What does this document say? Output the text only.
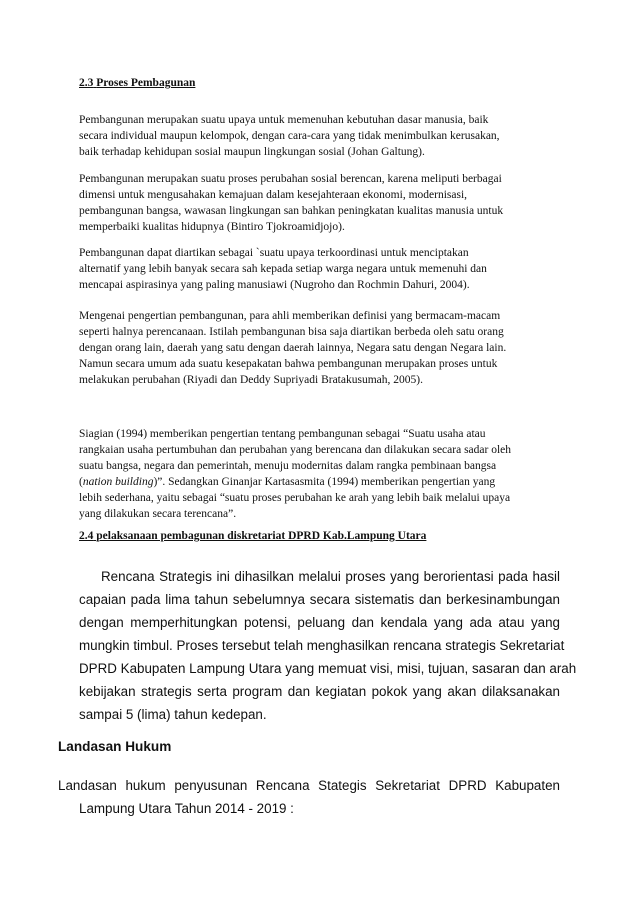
2.3 Proses Pembagunan
Pembangunan merupakan suatu upaya untuk memenuhan kebutuhan dasar manusia, baik
secara individual maupun kelompok, dengan cara-cara yang tidak menimbulkan kerusakan,
baik terhadap kehidupan sosial maupun lingkungan sosial (Johan Galtung).
Pembangunan merupakan suatu proses perubahan sosial berencan, karena meliputi berbagai
dimensi untuk mengusahakan kemajuan dalam kesejahteraan ekonomi, modernisasi,
pembangunan bangsa, wawasan lingkungan san bahkan peningkatan kualitas manusia untuk
memperbaiki kualitas hidupnya (Bintiro Tjokroamidjojo).
Pembangunan dapat diartikan sebagai `suatu upaya terkoordinasi untuk menciptakan
alternatif yang lebih banyak secara sah kepada setiap warga negara untuk memenuhi dan
mencapai aspirasinya yang paling manusiawi (Nugroho dan Rochmin Dahuri, 2004).
Mengenai pengertian pembangunan, para ahli memberikan definisi yang bermacam-macam
seperti halnya perencanaan. Istilah pembangunan bisa saja diartikan berbeda oleh satu orang
dengan orang lain, daerah yang satu dengan daerah lainnya, Negara satu dengan Negara lain.
Namun secara umum ada suatu kesepakatan bahwa pembangunan merupakan proses untuk
melakukan perubahan (Riyadi dan Deddy Supriyadi Bratakusumah, 2005).
Siagian (1994) memberikan pengertian tentang pembangunan sebagai “Suatu usaha atau
rangkaian usaha pertumbuhan dan perubahan yang berencana dan dilakukan secara sadar oleh
suatu bangsa, negara dan pemerintah, menuju modernitas dalam rangka pembinaan bangsa
(nation building)”. Sedangkan Ginanjar Kartasasmita (1994) memberikan pengertian yang
lebih sederhana, yaitu sebagai “suatu proses perubahan ke arah yang lebih baik melalui upaya
yang dilakukan secara terencana”.
2.4 pelaksanaan pembagunan diskretariat DPRD Kab.Lampung Utara
Rencana Strategis ini dihasilkan melalui proses yang berorientasi pada hasil
capaian pada lima tahun sebelumnya secara sistematis dan berkesinambungan
dengan memperhitungkan potensi, peluang dan kendala yang ada atau yang
mungkin timbul. Proses tersebut telah menghasilkan rencana strategis Sekretariat
DPRD Kabupaten Lampung Utara yang memuat visi, misi, tujuan, sasaran dan arah
kebijakan strategis serta program dan kegiatan pokok yang akan dilaksanakan
sampai 5 (lima) tahun kedepan.
Landasan Hukum
Landasan hukum penyusunan Rencana Stategis Sekretariat DPRD Kabupaten
Lampung Utara Tahun 2014 - 2019 :
